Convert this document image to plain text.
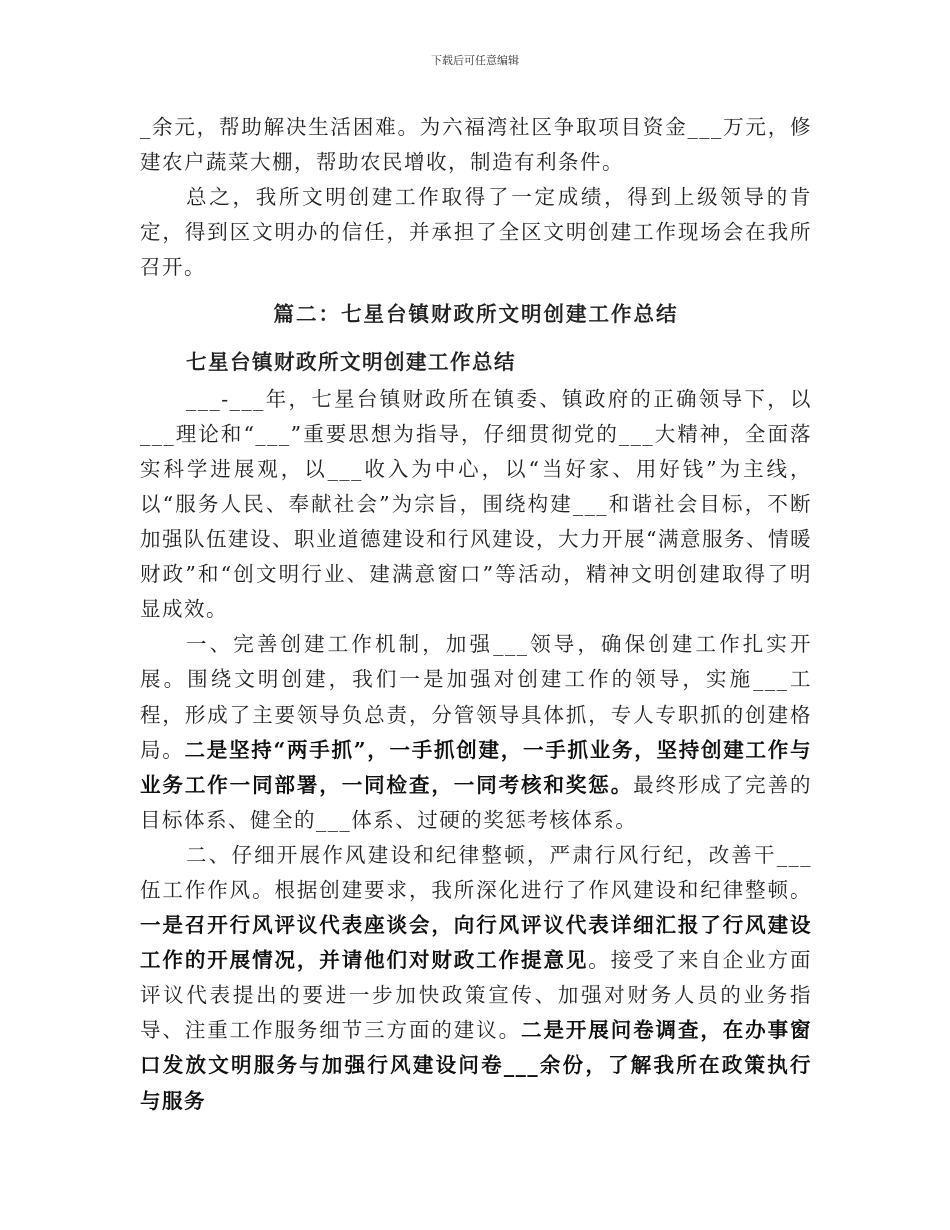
下载后可任意编辑

_余元，帮助解决生活困难。为六福湾社区争取项目资金___万元，修建农户蔬菜大棚，帮助农民增收，制造有利条件。

总之，我所文明创建工作取得了一定成绩，得到上级领导的肯定，得到区文明办的信任，并承担了全区文明创建工作现场会在我所召开。

篇二：七星台镇财政所文明创建工作总结

七星台镇财政所文明创建工作总结

___-___年，七星台镇财政所在镇委、镇政府的正确领导下，以___理论和“___”重要思想为指导，仔细贯彻党的___大精神，全面落实科学进展观，以___收入为中心，以“当好家、用好钱”为主线，以“服务人民、奉献社会”为宗旨，围绕构建___和谐社会目标，不断加强队伍建设、职业道德建设和行风建设，大力开展“满意服务、情暖财政”和“创文明行业、建满意窗口”等活动，精神文明创建取得了明显成效。

一、完善创建工作机制，加强___领导，确保创建工作扎实开展。围绕文明创建，我们一是加强对创建工作的领导，实施___工程，形成了主要领导负总责，分管领导具体抓，专人专职抓的创建格局。二是坚持“两手抓”，一手抓创建，一手抓业务，坚持创建工作与业务工作一同部署，一同检查，一同考核和奖惩。最终形成了完善的目标体系、健全的___体系、过硬的奖惩考核体系。

二、仔细开展作风建设和纪律整顿，严肃行风行纪，改善干___伍工作作风。根据创建要求，我所深化进行了作风建设和纪律整顿。一是召开行风评议代表座谈会，向行风评议代表详细汇报了行风建设工作的开展情况，并请他们对财政工作提意见。接受了来自企业方面评议代表提出的要进一步加快政策宣传、加强对财务人员的业务指导、注重工作服务细节三方面的建议。二是开展问卷调查，在办事窗口发放文明服务与加强行风建设问卷___余份，了解我所在政策执行与服务
